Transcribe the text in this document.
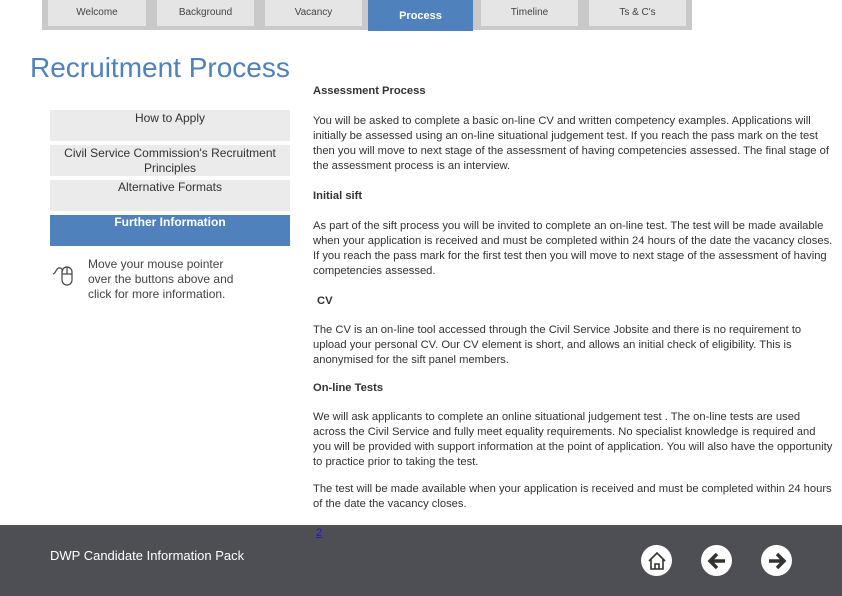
Welcome	Background	Vacancy	Process	Timeline	Ts & C's
Recruitment Process
How to Apply
Civil Service Commission's Recruitment Principles
Alternative Formats
Further Information
Move your mouse pointer over the buttons above and click for more information.
Assessment Process
You will be asked to complete a basic on-line CV and written competency examples. Applications will initially be assessed using an on-line situational judgement test. If you reach the pass mark on the test then you will move to next stage of the assessment of having competencies assessed. The final stage of the assessment process is an interview.
Initial sift
As part of the sift process you will be invited to complete an on-line test. The test will be made available when your application is received and must be completed within 24 hours of the date the vacancy closes. If you reach the pass mark for the first test then you will move to next stage of the assessment of having competencies assessed.
CV
The CV is an on-line tool accessed through the Civil Service Jobsite and there is no requirement to upload your personal CV. Our CV element is short, and allows an initial check of eligibility. This is anonymised for the sift panel members.
On-line Tests
We will ask applicants to complete an online situational judgement test . The on-line tests are used across the Civil Service and fully meet equality requirements. No specialist knowledge is required and you will be provided with support information at the point of application. You will also have the opportunity to practice prior to taking the test.
The test will be made available when your application is received and must be completed within 24 hours of the date the vacancy closes.
2
DWP Candidate Information Pack
